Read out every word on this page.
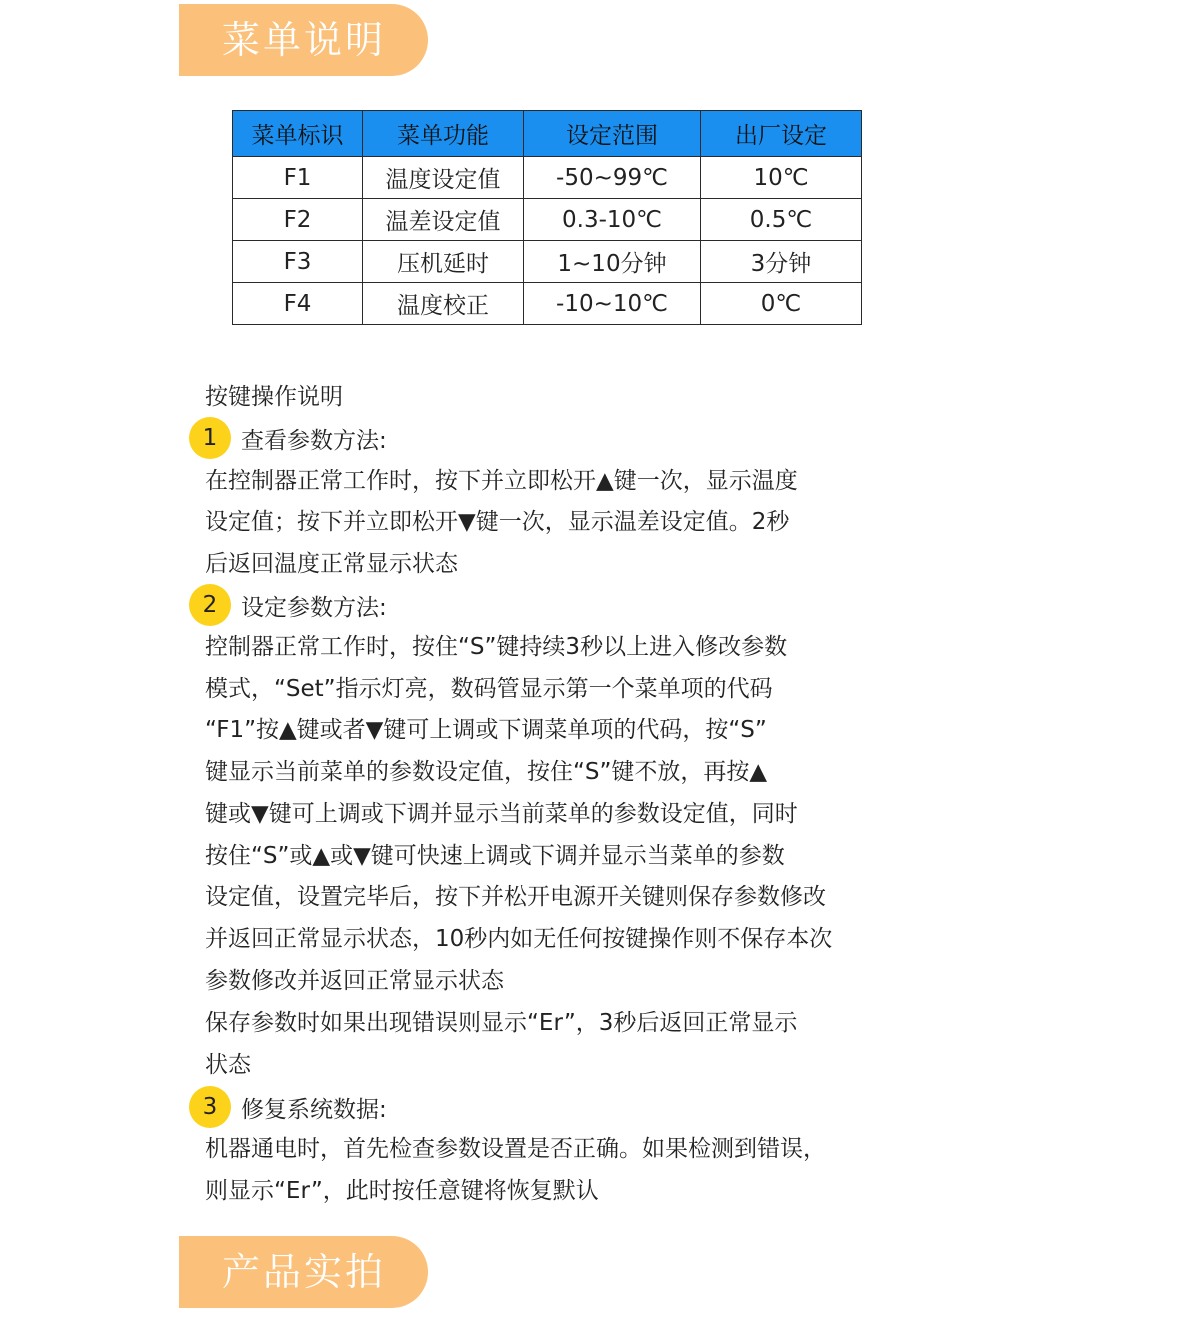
菜单说明
菜单标识	菜单功能	设定范围	出厂设定
F1	温度设定值	-50~99℃	10℃
F2	温差设定值	0.3-10℃	0.5℃
F3	压机延时	1~10分钟	3分钟
F4	温度校正	-10~10℃	0℃
按键操作说明
1	查看参数方法:
在控制器正常工作时，按下并立即松开▲键一次，显示温度
设定值；按下并立即松开▼键一次，显示温差设定值。2秒
后返回温度正常显示状态
2	设定参数方法:
控制器正常工作时，按住“S”键持续3秒以上进入修改参数
模式，“Set”指示灯亮，数码管显示第一个菜单项的代码
“F1”按▲键或者▼键可上调或下调菜单项的代码，按“S”
键显示当前菜单的参数设定值，按住“S”键不放，再按▲
键或▼键可上调或下调并显示当前菜单的参数设定值，同时
按住“S”或▲或▼键可快速上调或下调并显示当菜单的参数
设定值，设置完毕后，按下并松开电源开关键则保存参数修改
并返回正常显示状态，10秒内如无任何按键操作则不保存本次
参数修改并返回正常显示状态
保存参数时如果出现错误则显示“Er”，3秒后返回正常显示
状态
3	修复系统数据:
机器通电时，首先检查参数设置是否正确。如果检测到错误，
则显示“Er”，此时按任意键将恢复默认
产品实拍
